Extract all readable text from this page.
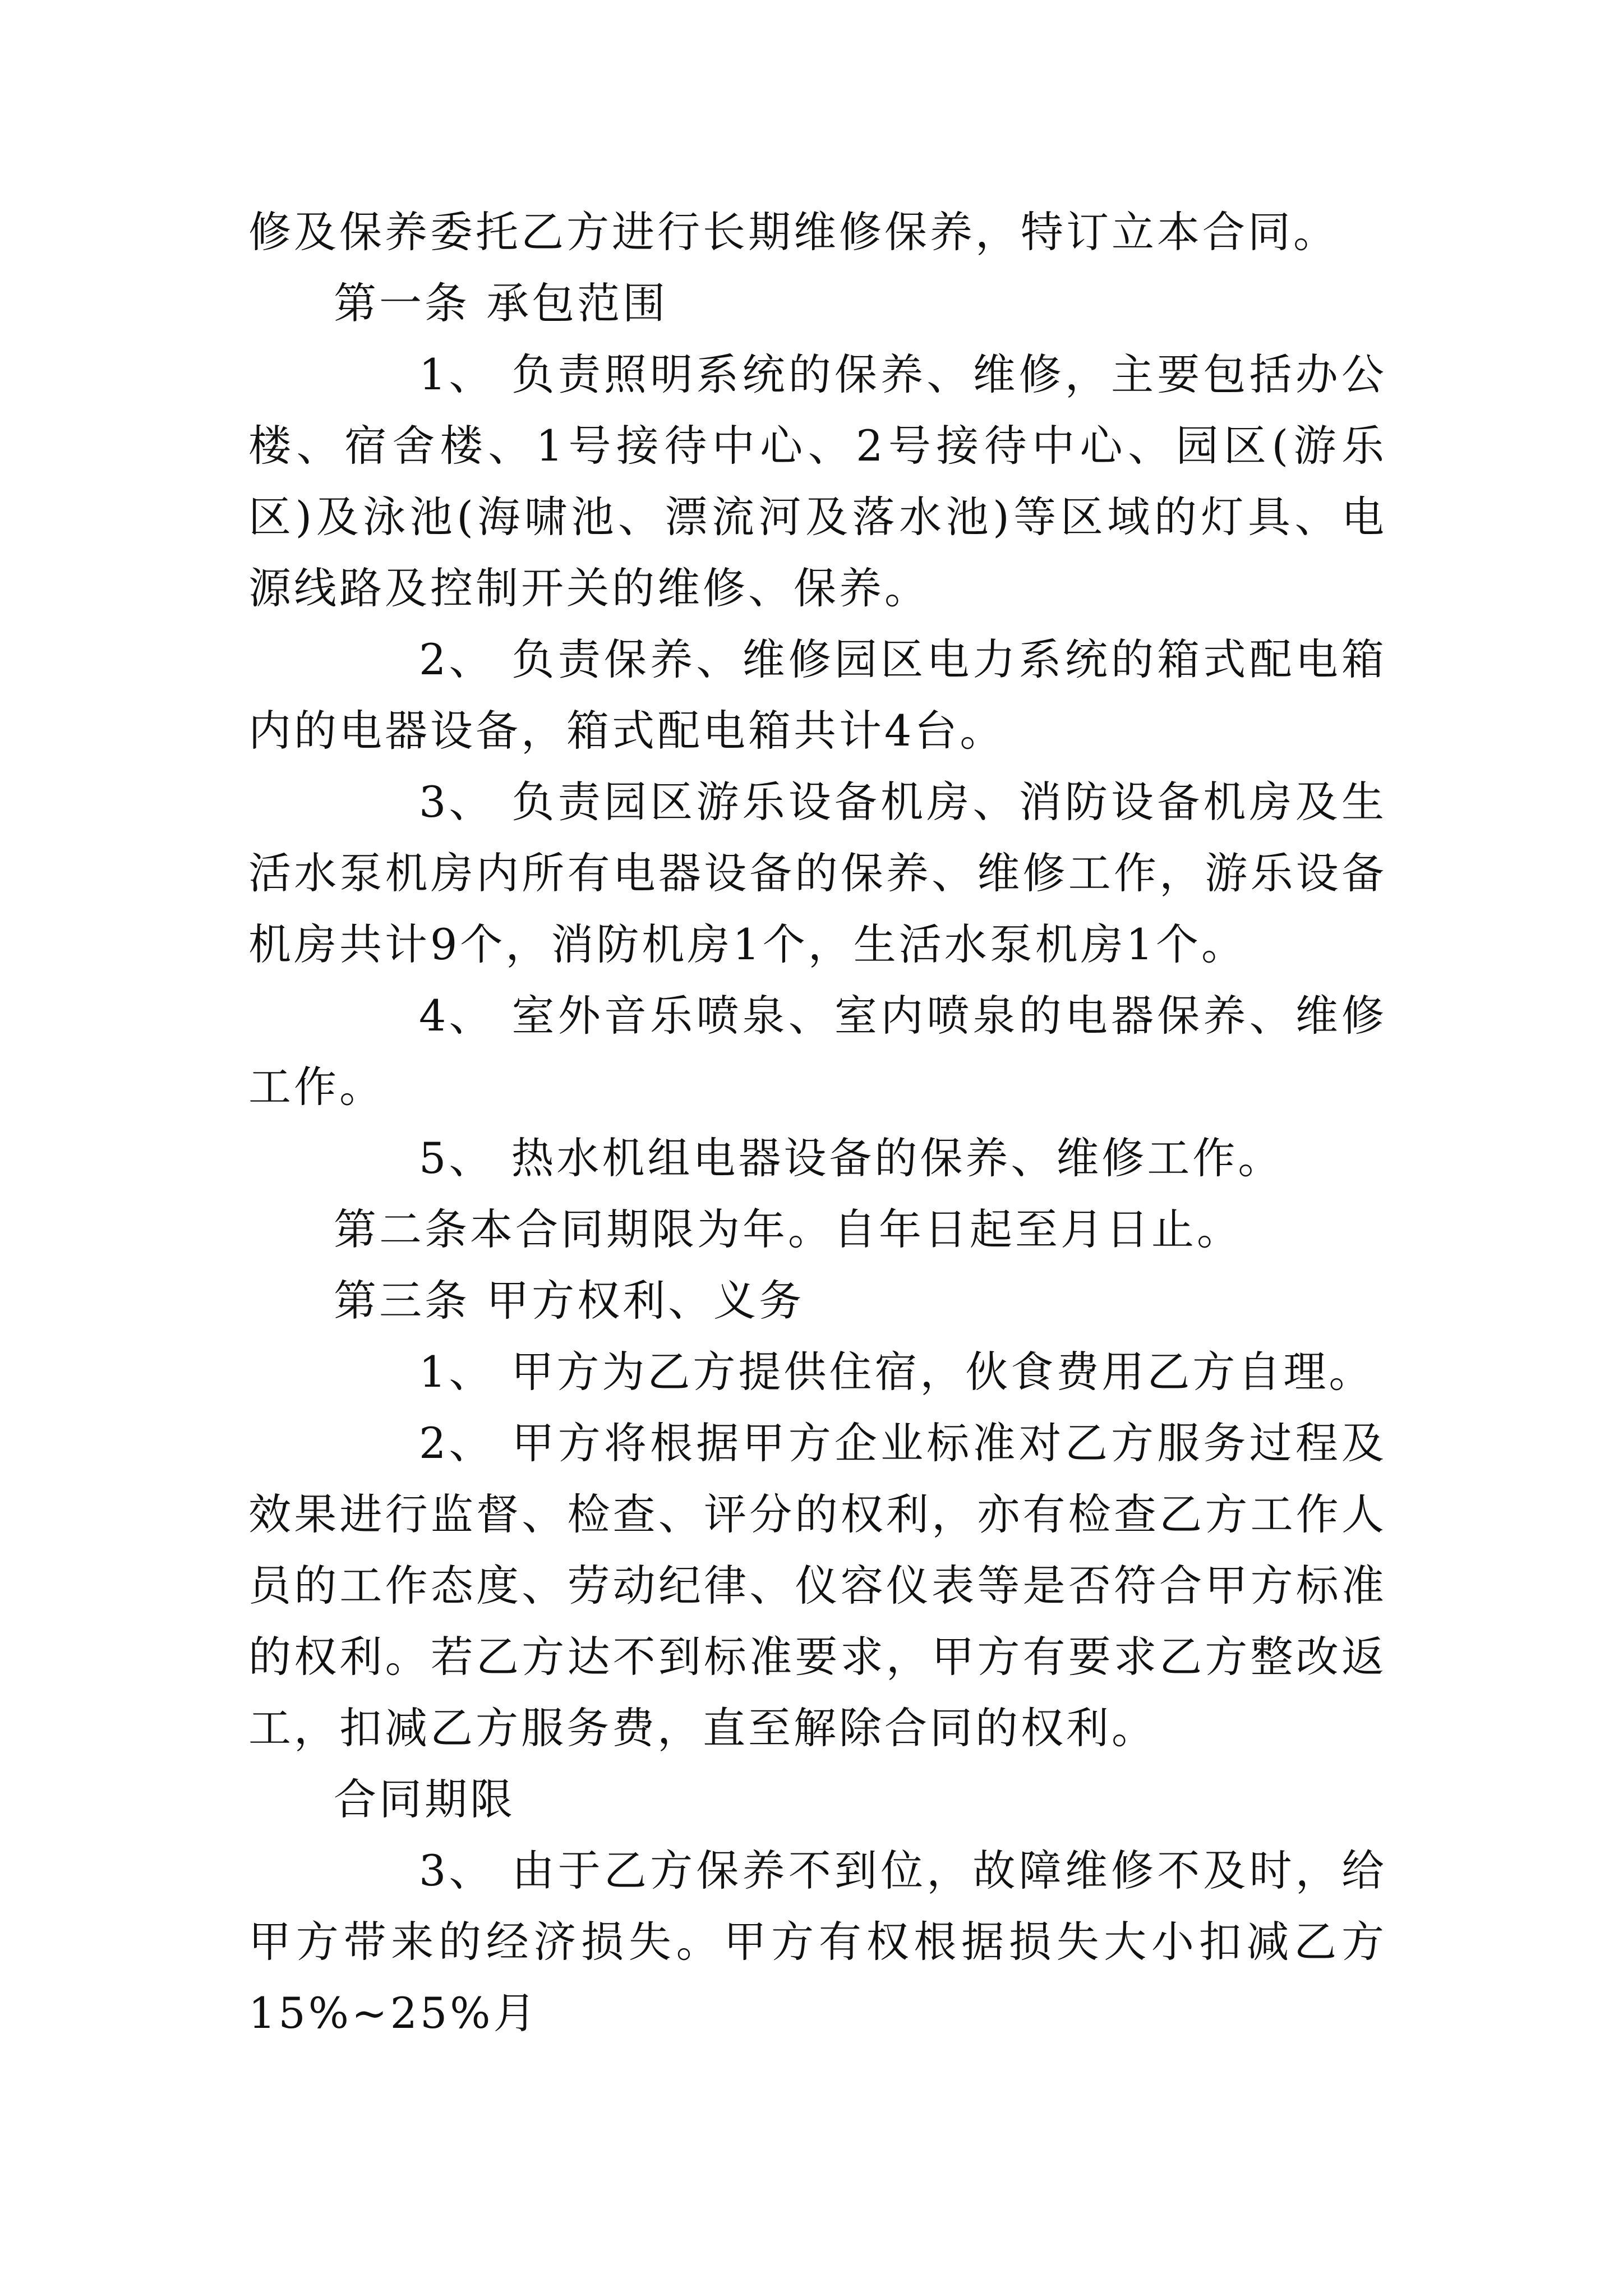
修及保养委托乙方进行长期维修保养，特订立本合同。

第一条 承包范围

1、 负责照明系统的保养、维修，主要包括办公楼、宿舍楼、1号接待中心、2号接待中心、园区(游乐区)及泳池(海啸池、漂流河及落水池)等区域的灯具、电源线路及控制开关的维修、保养。

2、 负责保养、维修园区电力系统的箱式配电箱内的电器设备，箱式配电箱共计4台。

3、 负责园区游乐设备机房、消防设备机房及生活水泵机房内所有电器设备的保养、维修工作，游乐设备机房共计9个，消防机房1个，生活水泵机房1个。

4、 室外音乐喷泉、室内喷泉的电器保养、维修工作。

5、 热水机组电器设备的保养、维修工作。

第二条本合同期限为年。自年日起至月日止。

第三条 甲方权利、义务

1、 甲方为乙方提供住宿，伙食费用乙方自理。

2、 甲方将根据甲方企业标准对乙方服务过程及效果进行监督、检查、评分的权利，亦有检查乙方工作人员的工作态度、劳动纪律、仪容仪表等是否符合甲方标准的权利。若乙方达不到标准要求，甲方有要求乙方整改返工，扣减乙方服务费，直至解除合同的权利。

合同期限

3、 由于乙方保养不到位，故障维修不及时，给甲方带来的经济损失。甲方有权根据损失大小扣减乙方15%~25%月
